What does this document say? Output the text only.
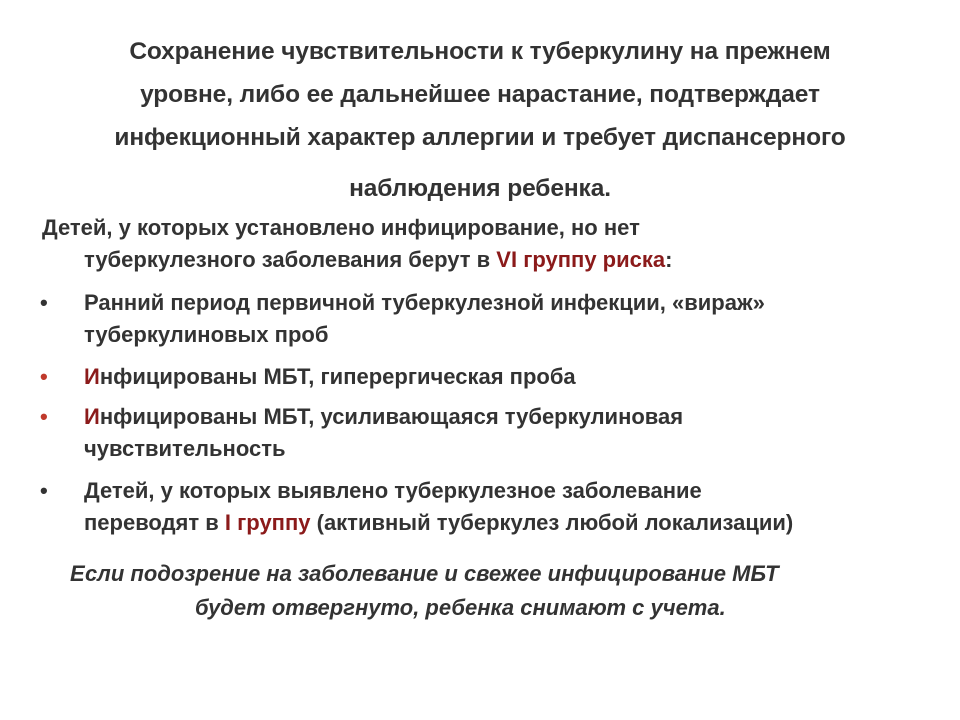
Сохранение чувствительности к туберкулину на прежнем
уровне, либо ее дальнейшее нарастание, подтверждает
инфекционный характер аллергии и требует диспансерного

наблюдения ребенка.

Детей, у которых установлено инфицирование, но нет
туберкулезного заболевания берут в VI группу риска:

•	Ранний период первичной туберкулезной инфекции, «вираж»
туберкулиновых проб
•	Инфицированы МБТ, гиперергическая проба
•	Инфицированы МБТ, усиливающаяся туберкулиновая
чувствительность
•	Детей, у которых выявлено туберкулезное заболевание
переводят в I группу (активный туберкулез любой локализации)

Если подозрение на заболевание и свежее инфицирование МБТ
будет отвергнуто, ребенка снимают с учета.
